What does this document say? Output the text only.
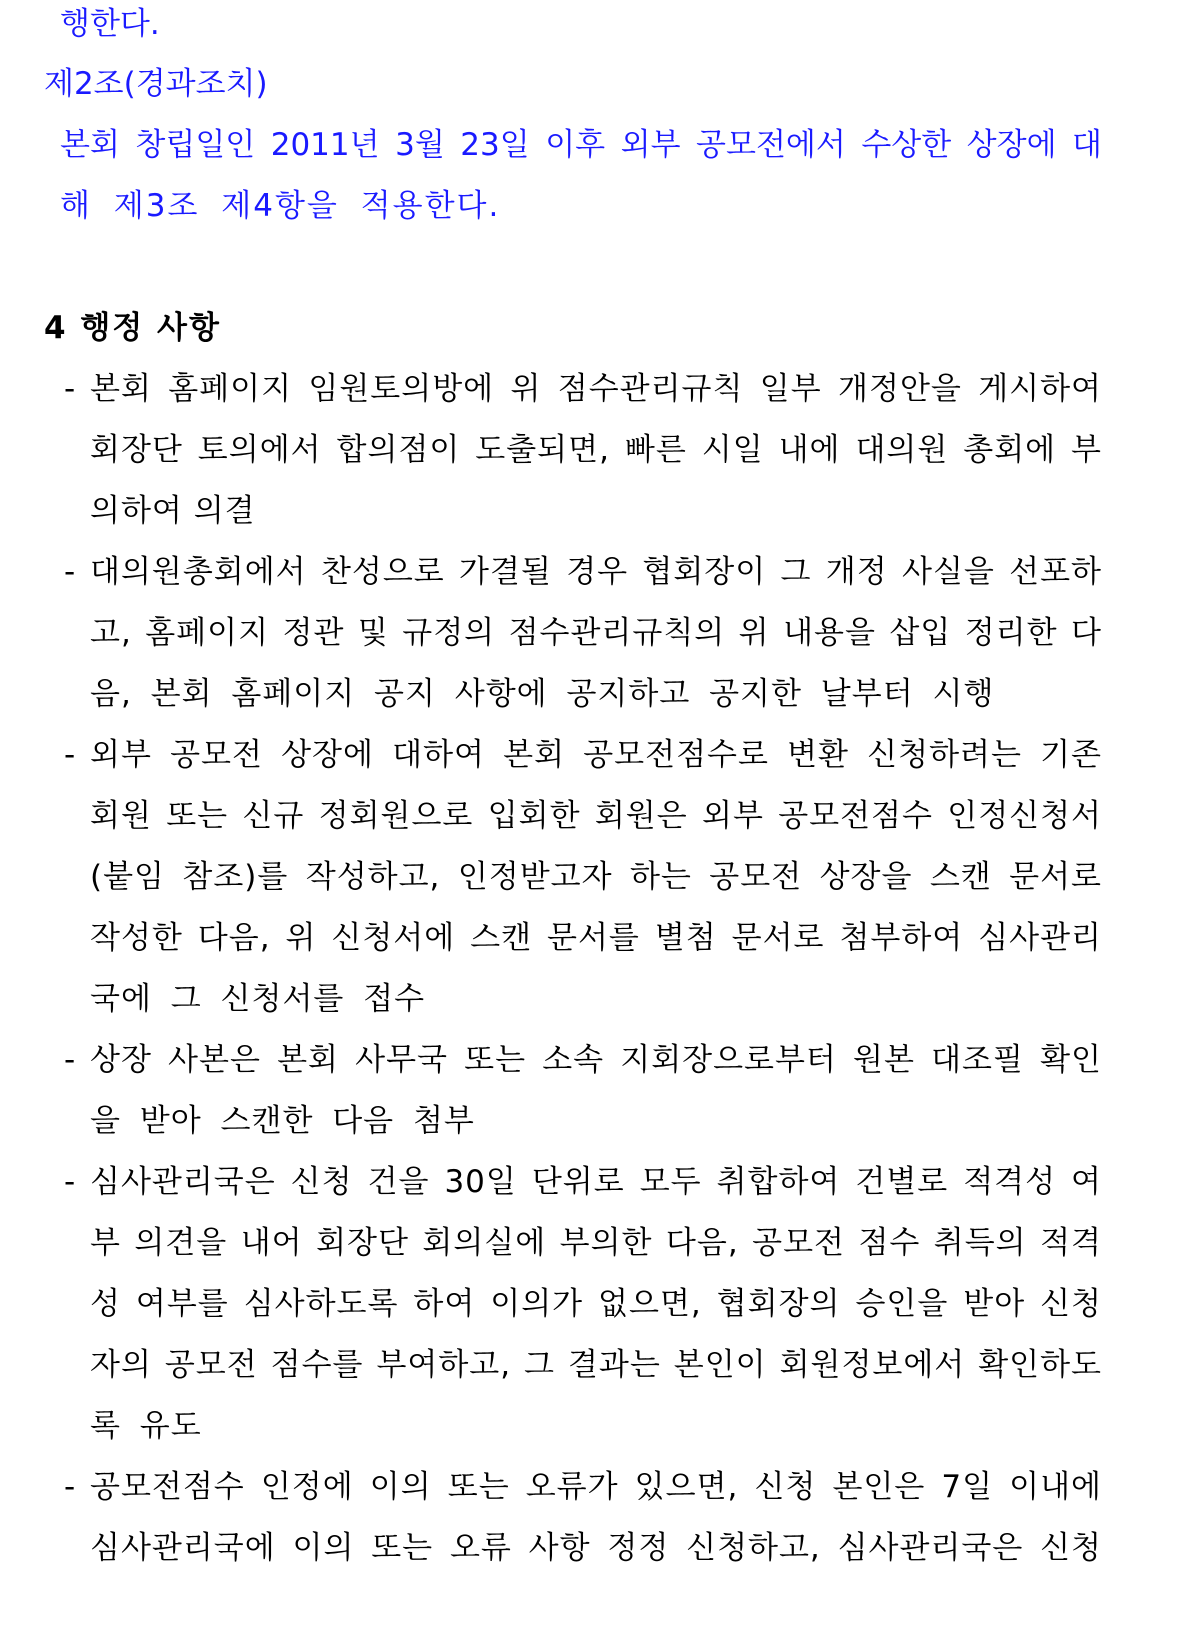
행한다.
제2조(경과조치)
본회 창립일인 2011년 3월 23일 이후 외부 공모전에서 수상한 상장에 대
해 제3조 제4항을 적용한다.
4 행정 사항
- 본회 홈페이지 임원토의방에 위 점수관리규칙 일부 개정안을 게시하여
회장단 토의에서 합의점이 도출되면, 빠른 시일 내에 대의원 총회에 부
의하여 의결
- 대의원총회에서 찬성으로 가결될 경우 협회장이 그 개정 사실을 선포하
고, 홈페이지 정관 및 규정의 점수관리규칙의 위 내용을 삽입 정리한 다
음, 본회 홈페이지 공지 사항에 공지하고 공지한 날부터 시행
- 외부 공모전 상장에 대하여 본회 공모전점수로 변환 신청하려는 기존
회원 또는 신규 정회원으로 입회한 회원은 외부 공모전점수 인정신청서
(붙임 참조)를 작성하고, 인정받고자 하는 공모전 상장을 스캔 문서로
작성한 다음, 위 신청서에 스캔 문서를 별첨 문서로 첨부하여 심사관리
국에 그 신청서를 접수
- 상장 사본은 본회 사무국 또는 소속 지회장으로부터 원본 대조필 확인
을 받아 스캔한 다음 첨부
- 심사관리국은 신청 건을 30일 단위로 모두 취합하여 건별로 적격성 여
부 의견을 내어 회장단 회의실에 부의한 다음, 공모전 점수 취득의 적격
성 여부를 심사하도록 하여 이의가 없으면, 협회장의 승인을 받아 신청
자의 공모전 점수를 부여하고, 그 결과는 본인이 회원정보에서 확인하도
록 유도
- 공모전점수 인정에 이의 또는 오류가 있으면, 신청 본인은 7일 이내에
심사관리국에 이의 또는 오류 사항 정정 신청하고, 심사관리국은 신청
